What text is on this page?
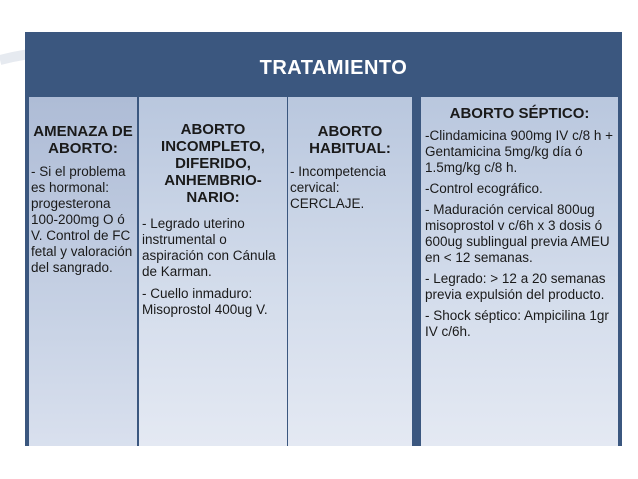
TRATAMIENTO
AMENAZA DE ABORTO:

- Si el problema es hormonal: progesterona 100-200mg O ó V. Control de FC fetal y valoración del sangrado.

ABORTO INCOMPLETO, DIFERIDO, ANHEMBRIO-NARIO:

- Legrado uterino instrumental o aspiración con Cánula de Karman.

- Cuello inmaduro: Misoprostol 400ug V.

ABORTO HABITUAL:

- Incompetencia cervical: CERCLAJE.

ABORTO SÉPTICO:

-Clindamicina 900mg IV c/8 h + Gentamicina 5mg/kg día ó 1.5mg/kg c/8 h.

-Control ecográfico.

- Maduración cervical 800ug misoprostol v c/6h x 3 dosis ó 600ug sublingual previa AMEU en < 12 semanas.

- Legrado: > 12 a 20 semanas previa expulsión del producto.

- Shock séptico: Ampicilina 1gr IV c/6h.
